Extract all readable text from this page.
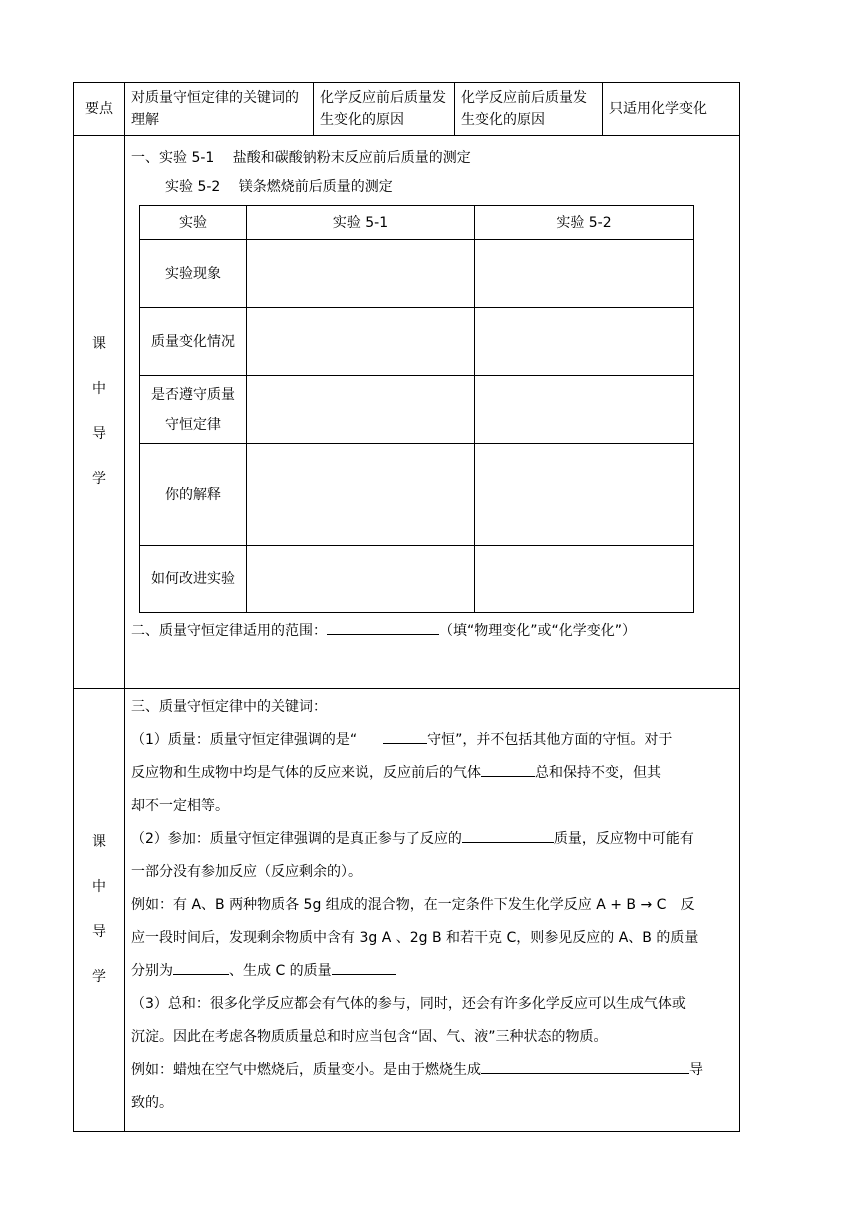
要点	对质量守恒定律的关键词的理解	化学反应前后质量发生变化的原因	化学反应前后质量发生变化的原因	只适用化学变化

课
中
导
学

一、实验 5-1　 盐酸和碳酸钠粉末反应前后质量的测定

实验 5-2　 镁条燃烧前后质量的测定

实验	实验 5-1	实验 5-2
实验现象		
质量变化情况		
是否遵守质量守恒定律		
你的解释		
如何改进实验		

二、质量守恒定律适用的范围：	（填“物理变化”或“化学变化”）

课
中
导
学

三、质量守恒定律中的关键词：

（1）质量：质量守恒定律强调的是“	守恒”，并不包括其他方面的守恒。对于

反应物和生成物中均是气体的反应来说，反应前后的气体	总和保持不变，但其

却不一定相等。

（2）参加：质量守恒定律强调的是真正参与了反应的	质量，反应物中可能有

一部分没有参加反应（反应剩余的）。

例如：有 A、B 两种物质各 5g 组成的混合物，在一定条件下发生化学反应 A + B → C　反

应一段时间后，发现剩余物质中含有 3g A 、2g B 和若干克 C，则参见反应的 A、B 的质量

分别为	、生成 C 的质量

（3）总和：很多化学反应都会有气体的参与，同时，还会有许多化学反应可以生成气体或

沉淀。因此在考虑各物质质量总和时应当包含“固、气、液”三种状态的物质。

例如：蜡烛在空气中燃烧后，质量变小。是由于燃烧生成	导

致的。
